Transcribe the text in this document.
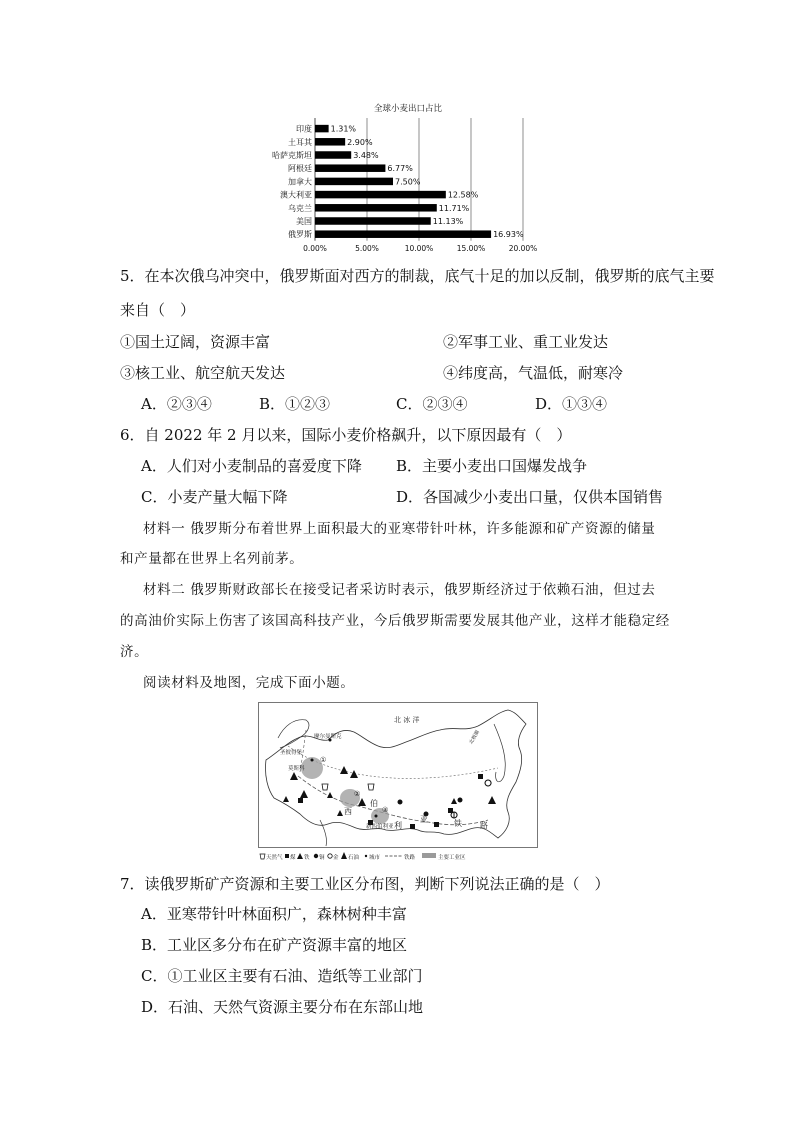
全球小麦出口占比
印度
土耳其
哈萨克斯坦
阿根廷
加拿大
澳大利亚
乌克兰
美国
俄罗斯
1.31%
2.90%
3.48%
6.77%
7.50%
12.58%
11.71%
11.13%
16.93%
0.00%	5.00%	10.00%	15.00%	20.00%
5．在本次俄乌冲突中，俄罗斯面对西方的制裁，底气十足的加以反制，俄罗斯的底气主要
来自（　）
①国土辽阔，资源丰富	②军事工业、重工业发达
③核工业、航空航天发达	④纬度高，气温低，耐寒冷
A．②③④	B．①②③	C．②③④	D．①③④
6．自 2022 年 2 月以来，国际小麦价格飙升，以下原因最有（　）
A．人们对小麦制品的喜爱度下降 B．主要小麦出口国爆发战争
C．小麦产量大幅下降	D．各国减少小麦出口量，仅供本国销售
材料一 俄罗斯分布着世界上面积最大的亚寒带针叶林，许多能源和矿产资源的储量
和产量都在世界上名列前茅。
材料二 俄罗斯财政部长在接受记者采访时表示，俄罗斯经济过于依赖石油，但过去
的高油价实际上伤害了该国高科技产业，今后俄罗斯需要发展其他产业，这样才能稳定经
济。
阅读材料及地图，完成下面小题。
北 冰 洋
摩尔曼斯克
圣彼得堡
①
莫斯科
②
③
新西伯利亚
北极圈
西
伯
利
亚	铁 路
天然气 煤 铁 铜 金 石油 城市	铁路	主要工业区
7．读俄罗斯矿产资源和主要工业区分布图，判断下列说法正确的是（　）
A．亚寒带针叶林面积广，森林树种丰富
B．工业区多分布在矿产资源丰富的地区
C．①工业区主要有石油、造纸等工业部门
D．石油、天然气资源主要分布在东部山地
